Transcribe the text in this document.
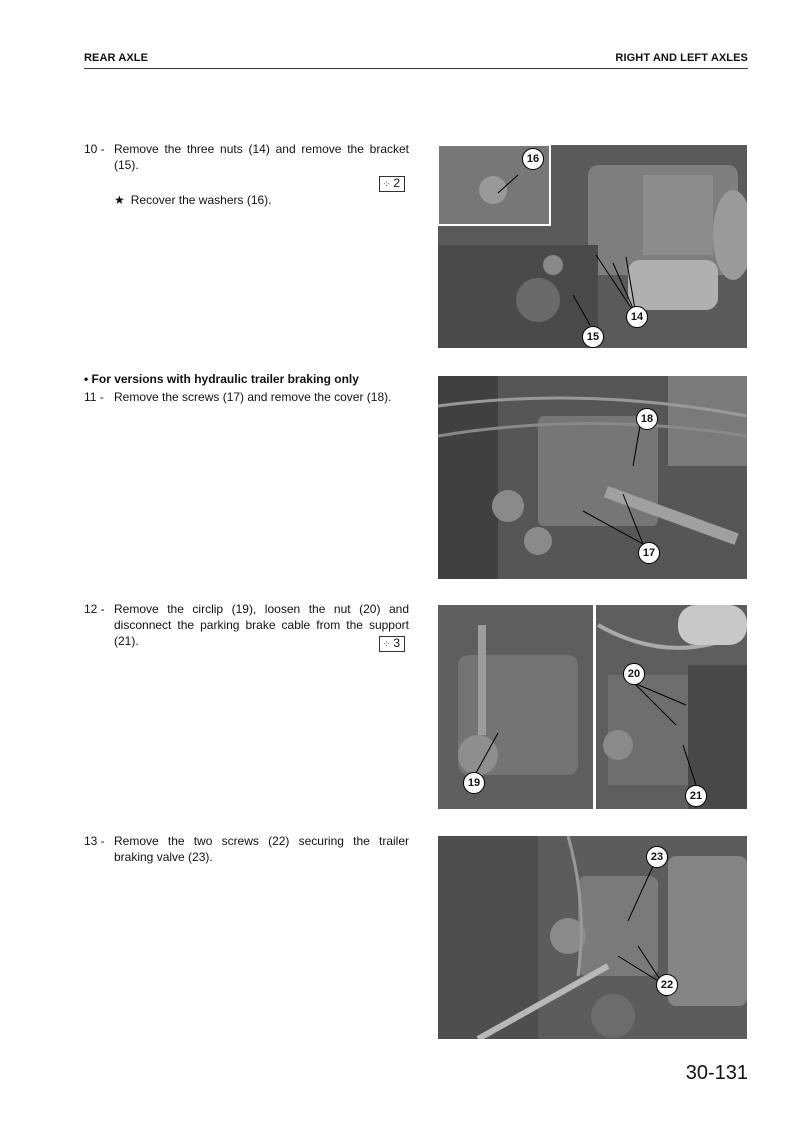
REAR AXLE	RIGHT AND LEFT AXLES
10 - Remove the three nuts (14) and remove the bracket (15).
⁘ 2
★ Recover the washers (16).
16
14
15
• For versions with hydraulic trailer braking only
11 - Remove the screws (17) and remove the cover (18).
18
17
12 - Remove the circlip (19), loosen the nut (20) and disconnect the parking brake cable from the support (21).	⁘ 3
19
20
21
13 - Remove the two screws (22) securing the trailer braking valve (23).	23
22
30-131
